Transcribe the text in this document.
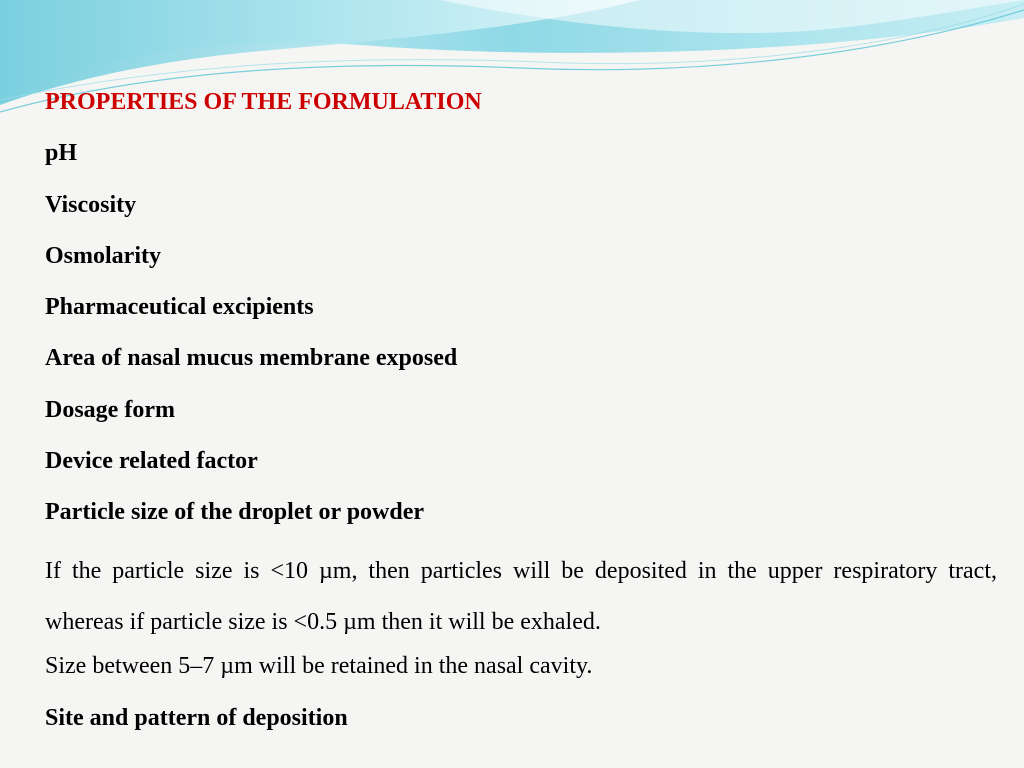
PROPERTIES OF THE FORMULATION
pH
Viscosity
Osmolarity
Pharmaceutical excipients
Area of nasal mucus membrane exposed
Dosage form
Device related factor
Particle size of the droplet or powder
If the particle size is <10 µm, then particles will be deposited in the upper respiratory tract, whereas if particle size is <0.5 µm then it will be exhaled.
Size between 5–7 µm will be retained in the nasal cavity.
Site and pattern of deposition
